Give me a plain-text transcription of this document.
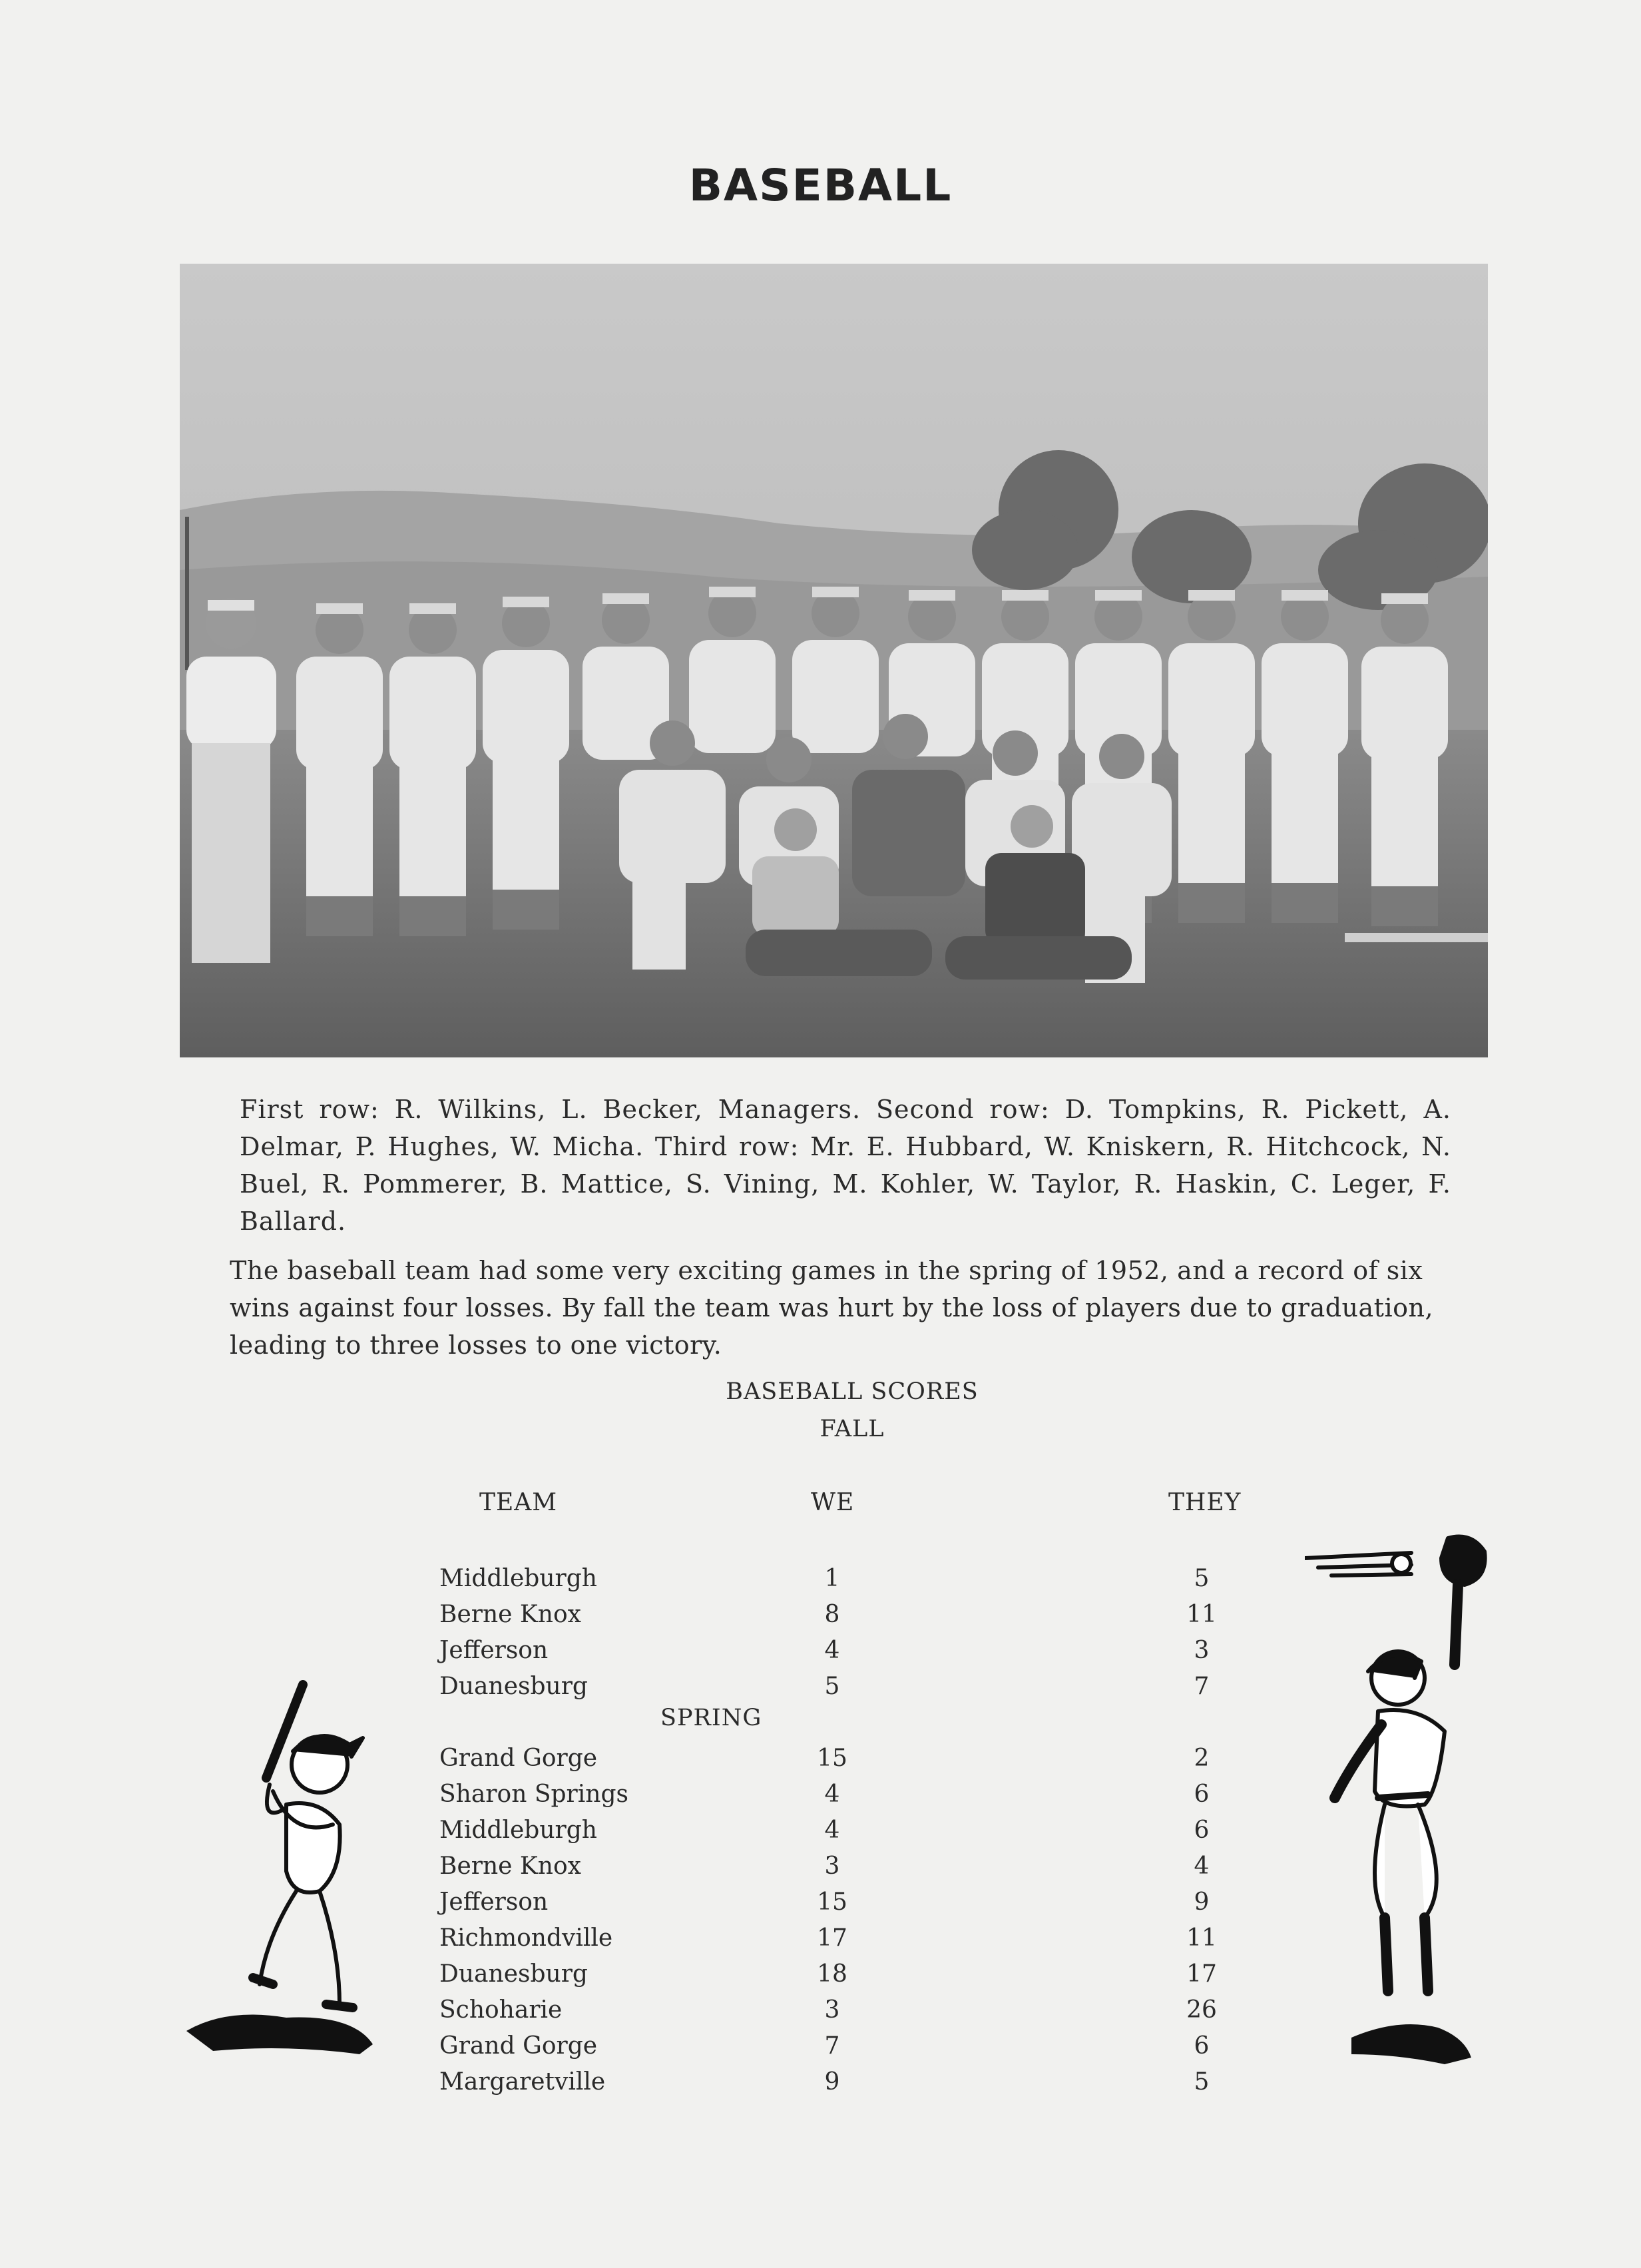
BASEBALL
First row: R. Wilkins, L. Becker, Managers. Second row: D. Tompkins, R. Pickett, A. Delmar, P. Hughes, W. Micha. Third row: Mr. E. Hubbard, W. Kniskern, R. Hitchcock, N. Buel, R. Pommerer, B. Mattice, S. Vining, M. Kohler, W. Taylor, R. Haskin, C. Leger, F. Ballard.
The baseball team had some very exciting games in the spring of 1952, and a record of six wins against four losses. By fall the team was hurt by the loss of players due to graduation, leading to three losses to one victory.
BASEBALL SCORES
FALL
TEAM	WE	THEY
Middleburgh	1	5
Berne Knox	8	11
Jefferson	4	3
Duanesburg	5	7
SPRING
Grand Gorge	15	2
Sharon Springs	4	6
Middleburgh	4	6
Berne Knox	3	4
Jefferson	15	9
Richmondville	17	11
Duanesburg	18	17
Schoharie	3	26
Grand Gorge	7	6
Margaretville	9	5
